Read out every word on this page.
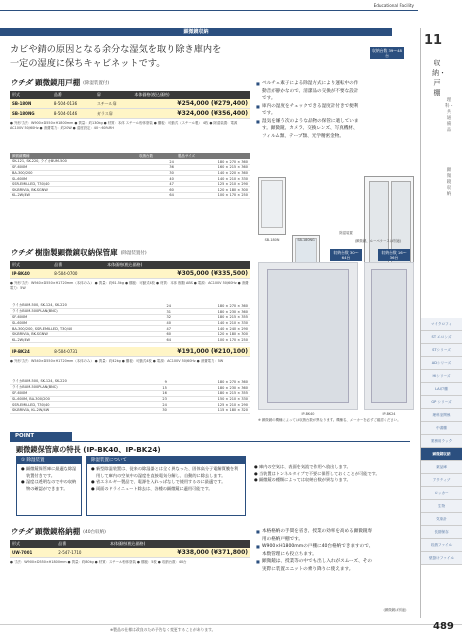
Educational Facility
顕微鏡収納
カビや錆の原因となる余分な湿気を取り除き庫内を
一定の湿度に保ちキャビネットです。
11
収納・戸棚
理科・共通備品
顕微鏡収納
マイクロフィ
ST エロンズ
STシリーズ
ADシリーズ
HIシリーズ
LAI戸棚
GP シリーズ
理科室関係
中書棚
業務用ラック
顕微鏡収納
薬品庫
アクティブ
ロッカー
生物
気象計
長期保存
収納ファイル
壁掛けファイル
ウチダ 顕微鏡用戸棚 (除湿装置付)
形式	品番	扉	本体価格(税込価格)
SB-180N	8-504-0136	スチール扉	¥254,000 (¥279,400)
SB-180NG	8-504-0146	ガラス扉	¥324,000 (¥356,400)
● 外形寸法：W900×D550×H1800mm ● 質量：約130kg ● 材質：本体 スチール粉体塗装 ● 棚板：可動式（スチール製） 4枚 ● 除湿装置：電源 AC100V 50/60Hz ● 消費電力：約20W ● 湿度設定：40～60%RH
顕微鏡機種	収納台数	製品サイズ
SK-121, SK-220, ライカBUM-500	24	180 × 270 × 360
SF-600M	36	160 × 215 × 360
BA-300/200	30	140 × 220 × 360
SL-600M	40	140 × 210 × 330
SSR-EMILLED, T30/40	47	125 × 210 × 290
SK-BRIVIA, BK-SGNW	60	120 × 180 × 300
KL-2W/4W	64	100 × 170 × 250
収納台数 39～48台
■ ベルチェ素子による除湿方式により運転中の作動音が静かなので、清潔品の交換が不要な設計です。
■ 庫内の湿度をチェックできる湿度計付きで便利です。
■ 湿気を嫌う次のような品物の保管に適しています。顕微鏡、カメラ、交換レンズ、写真機材、フィルム類、テープ類、光学精密金物。
SB-180N	SB-180NG
除湿装置
(顕微鏡、ルーペケースは別途)
ウチダ 樹脂製顕微鏡収納保管庫 (除湿装置付)
形式	品番	本体価格(税込価格)
IP-BK40	8-504-0700	¥305,000 (¥335,500)
● 外形寸法：W940×D550×H1720mm（本体のみ） ● 質量：約61.5kg ● 棚板：可動式4枚 ● 材質：本体 樹脂 ABS ● 電源：AC100V 50/60Hz ● 消費電力：5W
ライカBUM-500, SK-124, SK-220	24	180 × 270 × 360
ライカBUM-500PLAN(BNC)	31	180 × 230 × 360
SF-600M	32	180 × 215 × 355
SL-600M	40	140 × 210 × 330
BA-300/200, SSR-EMILLED, T30/40	47	140 × 240 × 290
SK-BRIVIA, BK-SGNW	60	120 × 180 × 300
KL-2W/4W	64	100 × 170 × 250
IP-BK24	8-504-0731	¥191,000 (¥210,100)
● 外形寸法：W540×D550×H1720mm（本体のみ） ● 質量：約42kg ● 棚板：可動式4枚 ● 電源：AC100V 50/60Hz ● 消費電力：5W
ライカBUM-500, SK-124, SK-220	9	180 × 270 × 360
ライカBUM-500PLAN(BNC)	15	180 × 230 × 360
SF-600M	16	180 × 215 × 355
SL-600M, BA-300/200	23	150 × 210 × 330
SSR-EMILLED, T30/40	24	125 × 210 × 290
SK-BRIVIA, KL-2W/4W	30	115 × 180 × 320
収納台数 30～64台
収納台数 16～36台
IP-BK40	IP-BK24
※ 顕微鏡の機種によっては収納台数が異なります。機種名、メーカーを必ずご確認ください。
POINT
顕微鏡保管庫の特長 (IP-BK40、IP-BK24)
① 除湿装置

● 顕微鏡保管庫に最適な除湿装置付きです。

● 湿度は透明なので中の収納物の確認ができます。

除湿装置について

● 新型除湿装置は、従来の除湿器とは全く異なった、固体高分子電解質膜を利用して庫内の空気中の湿度を直接電気分解し、自動的に除去します。

● 省エネルギー製品で、電源を入れっぱなしで使用するのに最適です。

● 両面のドライニュート除去は、各種の顕微鏡に適用可能です。

● 庫内の空気は、表面を気流で作用へ放出します。

● 当装置はトンネルタイプで不要に保管しておくことが可能です。

● 顕微鏡の種類によっては収納台数が異なります。

ウチダ 顕微鏡格納棚 (40台収納)
形式	品番	本体価格(税込価格)
UW-7001	2-547-1710	¥338,000 (¥371,800)
● 寸法：W900×D550×H1800mm ● 質量：約80kg ● 材質：スチール粉体塗装 ● 棚板：5枚 ● 収納台数：40台
■ 本格格納の手間を省き、授業の効率を高める顕微鏡専用の格納戸棚です。
■ W900×H1800mmの戸棚に40台格納できますので、本数管理にも役立ちます。
■ 顕微鏡は、授業等の中でも出し入れがスムーズ、その実際に装置ユニットの乗り降りに使えます。
(顕微鏡は別途)
※製品の仕様は改良のため予告なく変更することがあります。	489
